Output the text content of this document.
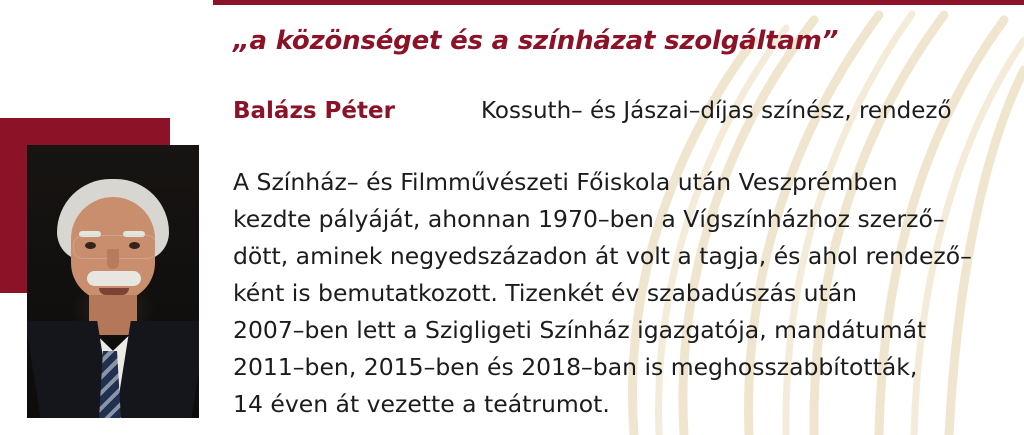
„a közönséget és a színházat szolgáltam”
Balázs Péter	Kossuth– és Jászai–díjas színész, rendező

A Színház– és Filmművészeti Főiskola után Veszprémben

kezdte pályáját, ahonnan 1970–ben a Vígszínházhoz szerző–

dött, aminek negyedszázadon át volt a tagja, és ahol rendező–

ként is bemutatkozott. Tizenkét év szabadúszás után

2007–ben lett a Szigligeti Színház igazgatója, mandátumát

2011–ben, 2015–ben és 2018–ban is meghosszabbították,

14 éven át vezette a teátrumot.
